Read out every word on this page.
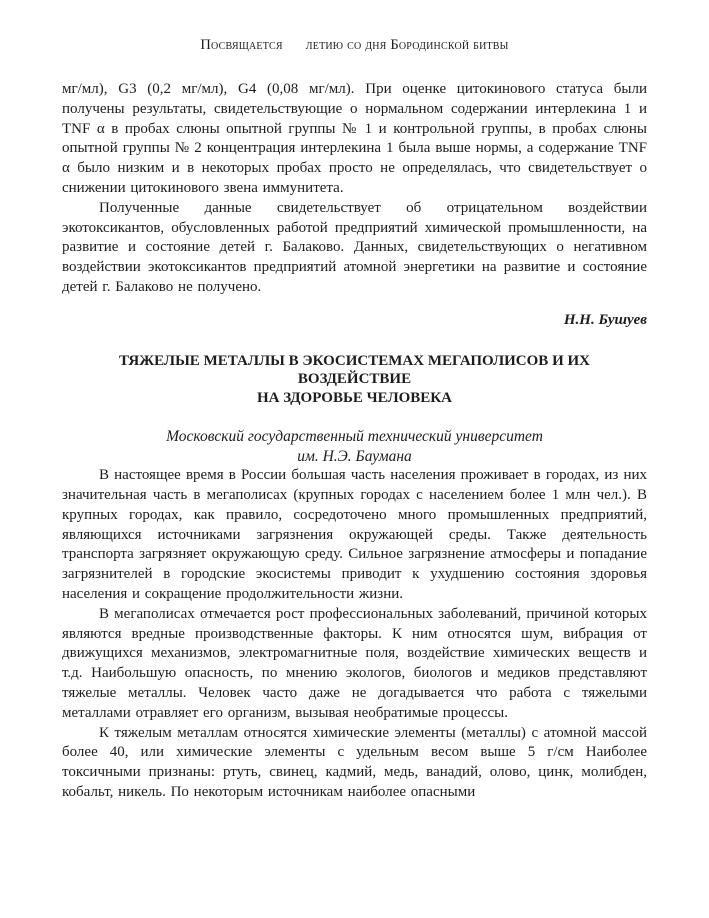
Посвящается летию со дня Бородинской битвы

мг/мл), G3 (0,2 мг/мл), G4 (0,08 мг/мл). При оценке цитокинового статуса были получены результаты, свидетельствующие о нормальном содержании интерлекина 1 и TNF α в пробах слюны опытной группы № 1 и контрольной группы, в пробах слюны опытной группы № 2 концентрация интерлекина 1 была выше нормы, а содержание TNF α было низким и в некоторых пробах просто не определялась, что свидетельствует о снижении цитокинового звена иммунитета.

Полученные данные свидетельствует об отрицательном воздействии экотоксикантов, обусловленных работой предприятий химической промышленности, на развитие и состояние детей г. Балаково. Данных, свидетельствующих о негативном воздействии экотоксикантов предприятий атомной энергетики на развитие и состояние детей г. Балаково не получено.

Н.Н. Бушуев
ТЯЖЕЛЫЕ МЕТАЛЛЫ В ЭКОСИСТЕМАХ МЕГАПОЛИСОВ И ИХ ВОЗДЕЙСТВИЕ
НА ЗДОРОВЬЕ ЧЕЛОВЕКА
Московский государственный технический университет
им. Н.Э. Баумана

В настоящее время в России большая часть населения проживает в городах, из них значительная часть в мегаполисах (крупных городах с населением более 1 млн чел.). В крупных городах, как правило, сосредоточено много промышленных предприятий, являющихся источниками загрязнения окружающей среды. Также деятельность транспорта загрязняет окружающую среду. Сильное загрязнение атмосферы и попадание загрязнителей в городские экосистемы приводит к ухудшению состояния здоровья населения и сокращение продолжительности жизни.

В мегаполисах отмечается рост профессиональных заболеваний, причиной которых являются вредные производственные факторы. К ним относятся шум, вибрация от движущихся механизмов, электромагнитные поля, воздействие химических веществ и т.д. Наибольшую опасность, по мнению экологов, биологов и медиков представляют тяжелые металлы. Человек часто даже не догадывается что работа с тяжелыми металлами отравляет его организм, вызывая необратимые процессы.

К тяжелым металлам относятся химические элементы (металлы) с атомной массой более 40, или химические элементы с удельным весом выше 5 г/см Наиболее токсичными признаны: ртуть, свинец, кадмий, медь, ванадий, олово, цинк, молибден, кобальт, никель. По некоторым источникам наиболее опасными
